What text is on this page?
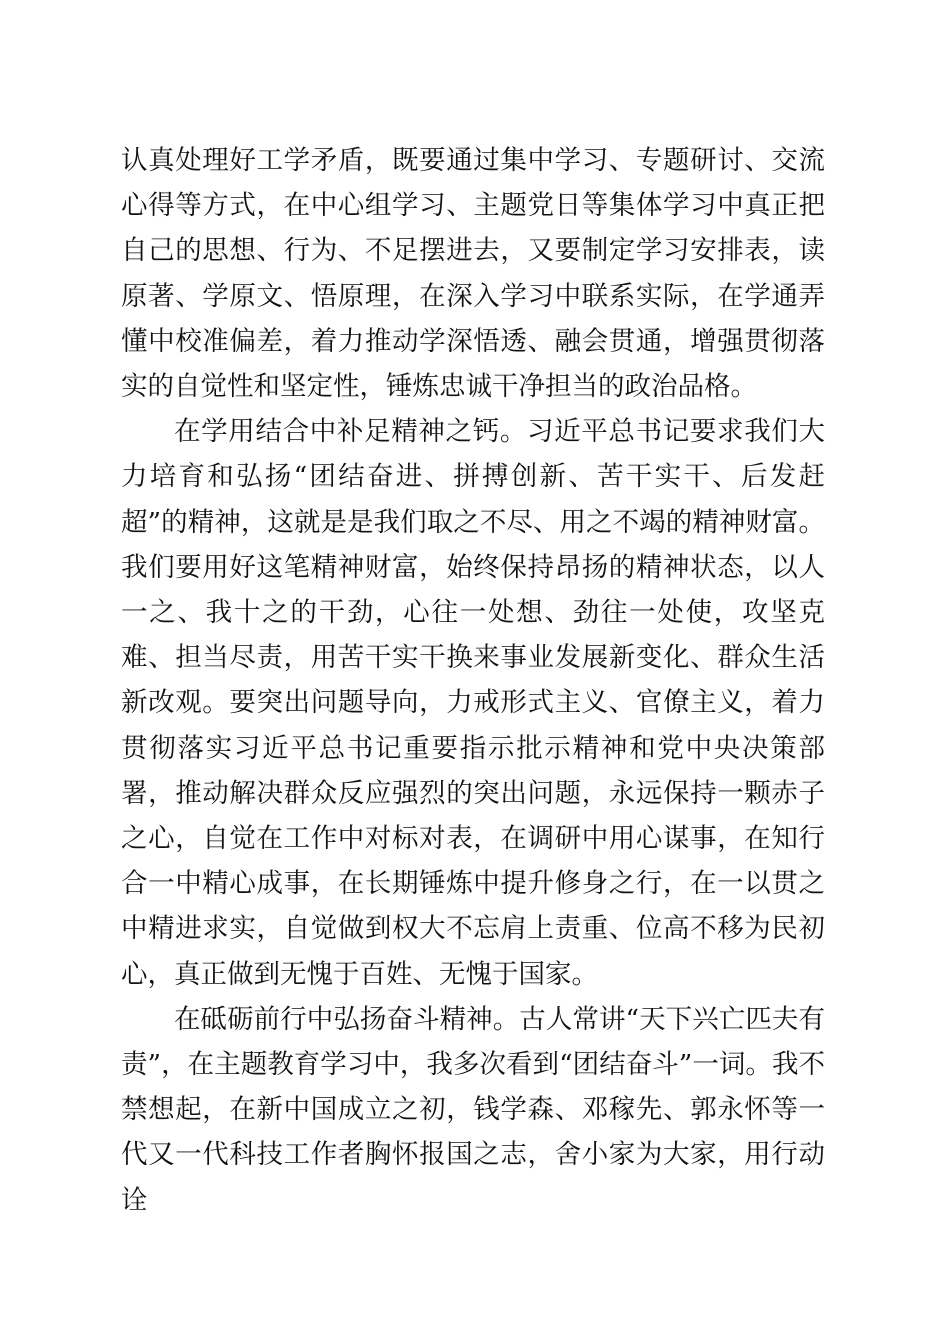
认真处理好工学矛盾，既要通过集中学习、专题研讨、交流心得等方式，在中心组学习、主题党日等集体学习中真正把自己的思想、行为、不足摆进去，又要制定学习安排表，读原著、学原文、悟原理，在深入学习中联系实际，在学通弄懂中校准偏差，着力推动学深悟透、融会贯通，增强贯彻落实的自觉性和坚定性，锤炼忠诚干净担当的政治品格。

在学用结合中补足精神之钙。习近平总书记要求我们大力培育和弘扬“团结奋进、拼搏创新、苦干实干、后发赶超”的精神，这就是是我们取之不尽、用之不竭的精神财富。我们要用好这笔精神财富，始终保持昂扬的精神状态，以人一之、我十之的干劲，心往一处想、劲往一处使，攻坚克难、担当尽责，用苦干实干换来事业发展新变化、群众生活新改观。要突出问题导向，力戒形式主义、官僚主义，着力贯彻落实习近平总书记重要指示批示精神和党中央决策部署，推动解决群众反应强烈的突出问题，永远保持一颗赤子之心，自觉在工作中对标对表，在调研中用心谋事，在知行合一中精心成事，在长期锤炼中提升修身之行，在一以贯之中精进求实，自觉做到权大不忘肩上责重、位高不移为民初心，真正做到无愧于百姓、无愧于国家。

在砥砺前行中弘扬奋斗精神。古人常讲“天下兴亡匹夫有责”，在主题教育学习中，我多次看到“团结奋斗”一词。我不禁想起，在新中国成立之初，钱学森、邓稼先、郭永怀等一代又一代科技工作者胸怀报国之志，舍小家为大家，用行动诠
